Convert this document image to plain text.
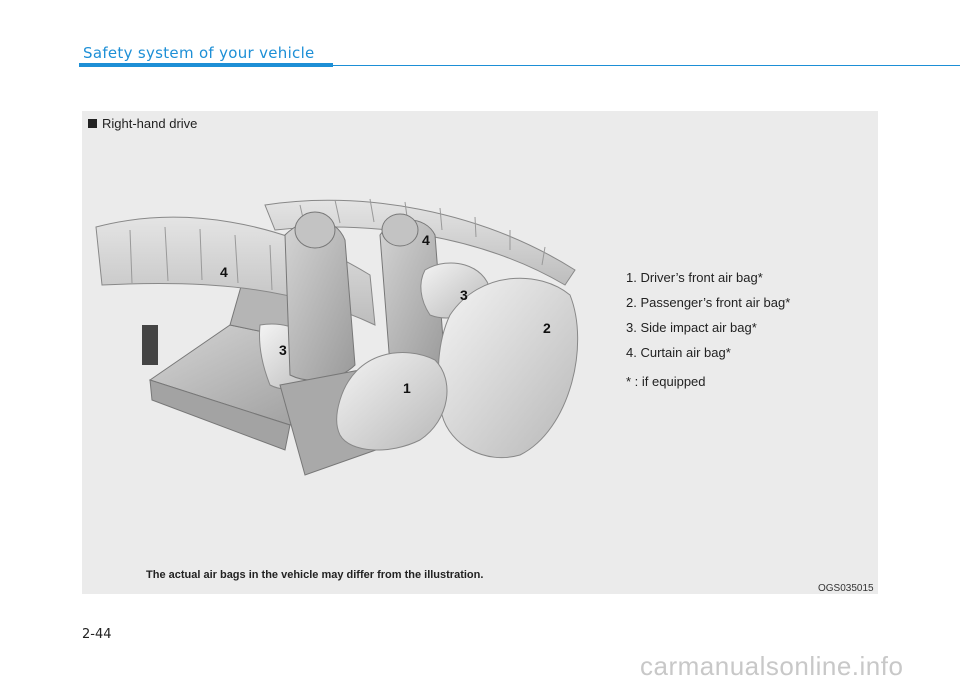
Safety system of your vehicle
Right-hand drive
4
4
3
3
2
1
1. Driver’s front air bag*
2. Passenger’s front air bag*
3. Side impact air bag*
4. Curtain air bag*
* : if equipped
The actual air bags in the vehicle may differ from the illustration.
OGS035015
2-44
carmanualsonline.info
